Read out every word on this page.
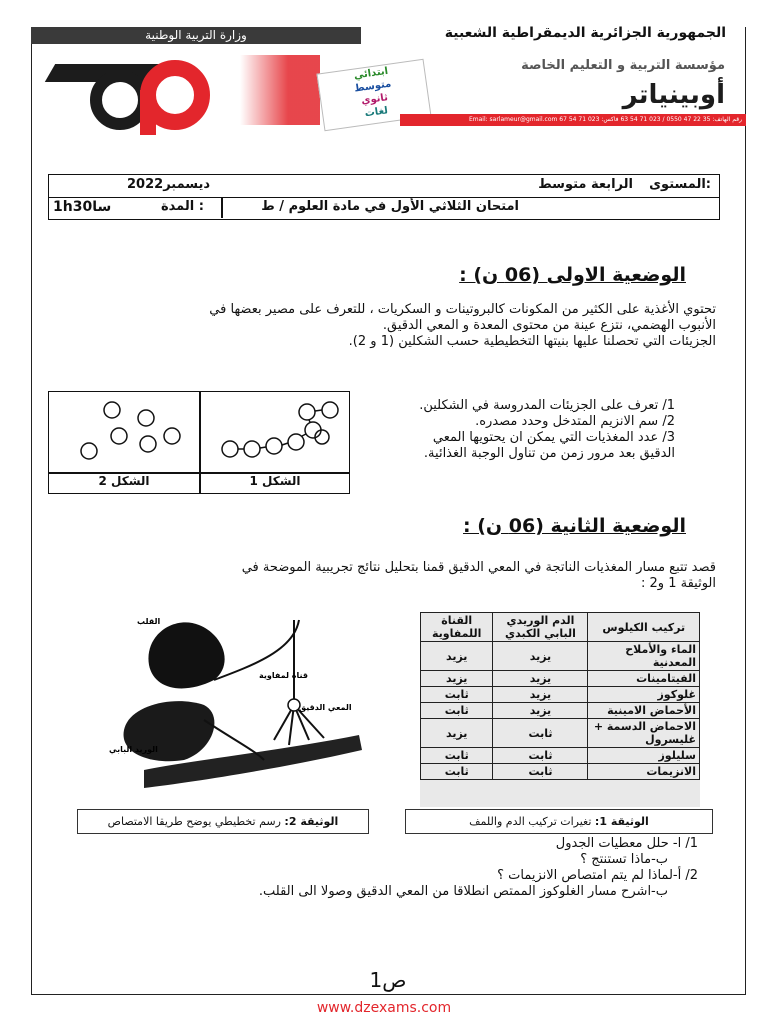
وزارة التربية الوطنية	الجمهورية الجزائرية الديمقراطية الشعبية
ابتدائي
متوسط
ثانوي
لغات
مؤسسة التربية و التعليم الخاصة
أوبينياتر
رقم الهاتف: 35 22 47 0550 / 023 71 54 63 فاكس: 023 71 54 67 Email: sarlameur@gmail.com
المستوى:
الرابعة متوسط
ديسمبر2022
امتحان الثلاثي الأول في مادة العلوم / ط
المدة :
1h30سا
الوضعية الاولى (06 ن) :

تحتوي الأغذية على الكثير من المكونات كالبروتينات و السكريات ، للتعرف على مصير بعضها في

الأنبوب الهضمي، نتزع عينة من محتوى المعدة و المعي الدقيق.

الجزيئات التي تحصلنا عليها بنيتها التخطيطية حسب الشكلين (1 و 2).

الشكل 2	الشكل 1

1/ تعرف على الجزيئات المدروسة في الشكلين.

2/ سم الانزيم المتدخل وحدد مصدره.

3/ عدد المغذيات التي يمكن ان يحتويها المعي

الدقيق بعد مرور زمن من تناول الوجبة الغذائية.

الوضعية الثانية (06 ن) :

قصد تتبع مسار المغذيات الناتجة في المعي الدقيق قمنا بتحليل نتائج تجريبية الموضحة في

الوثيقة 1 و2 :

القلب
قناة لمفاوية
المعي الدقيق
الوريد البابي
تركيب الكيلوس	الدم الوريدي البابي الكبدي	القناة اللمفاوية
الماء والأملاح المعدنية	يزيد	يزيد
الفيتامينات	يزيد	يزيد
غلوكوز	يزيد	ثابت
الأحماض الامينية	يزيد	ثابت
الاحماض الدسمة + غليسرول	ثابت	يزيد
سليلوز	ثابت	ثابت
الانزيمات	ثابت	ثابت
الوثيقة 2: رسم تخطيطي يوضح طريقا الامتصاص	الوثيقة 1: تغيرات تركيب الدم واللمف

1/ ا- حلل معطيات الجدول

ب-ماذا تستنتج ؟

2/ أ-لماذا لم يتم امتصاص الانزيمات ؟

ب-اشرح مسار الغلوكوز الممتص انطلاقا من المعي الدقيق وصولا الى القلب.

ص1
www.dzexams.com
